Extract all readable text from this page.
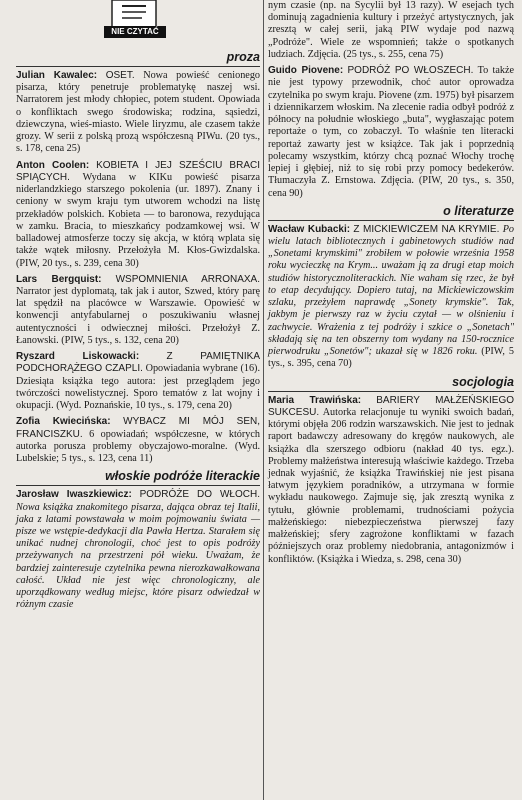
NIE CZYTAĆ
proza

Julian Kawalec: OSET. Nowa powieść cenionego pisarza, który penetruje problematykę naszej wsi. Narratorem jest młody chłopiec, potem student. Opowiada o konfliktach swego środowiska; rodzina, sąsiedzi, dziewczyna, wieś-miasto. Wiele liryzmu, ale czasem także grozy. W serii z polską prozą współczesną PIWu. (20 tys., s. 178, cena 25)

Anton Coolen: KOBIETA I JEJ SZEŚCIU BRACI SPIĄCYCH. Wydana w KIKu powieść pisarza niderlandzkiego starszego pokolenia (ur. 1897). Znany i ceniony w swym kraju tym utworem wchodzi na listę przekładów polskich. Kobieta — to baronowa, rezydująca w zamku. Bracia, to mieszkańcy podzamkowej wsi. W balladowej atmosferze toczy się akcja, w którą wplata się także wątek miłosny. Przełożyła M. Kłos-Gwizdalska. (PIW, 20 tys., s. 239, cena 30)

Lars Bergquist: WSPOMNIENIA ARRONAXA. Narrator jest dyplomatą, tak jak i autor, Szwed, który parę lat spędził na placówce w Warszawie. Opowieść w konwencji antyfabularnej o poszukiwaniu własnej autentyczności i odwiecznej miłości. Przełożył Z. Łanowski. (PIW, 5 tys., s. 132, cena 20)

Ryszard Liskowacki:	Z PAMIĘTNIKA PODCHORĄŻEGO CZAPLI. Opowiadania wybrane (16). Dziesiąta książka tego autora: jest przeglądem jego twórczości nowelistycznej. Sporo tematów z lat wojny i okupacji. (Wyd. Poznańskie, 10 tys., s. 179, cena 20)

Zofia Kwiecińska: WYBACZ MI MÓJ SEN, FRANCISZKU. 6 opowiadań; współczesne, w których autorka porusza problemy obyczajowo-moralne. (Wyd. Lubelskie; 5 tys., s. 123, cena 11)

włoskie podróże literackie

Jarosław Iwaszkiewicz: PODRÓŻE DO WŁOCH. Nowa książka znakomitego pisarza, dająca obraz tej Italii, jaka z latami powstawała w moim pojmowaniu świata — pisze we wstępie-dedykacji dla Pawła Hertza. Starałem się unikać nudnej chronologii, choć jest to opis podróży przeżywanych na przestrzeni pół wieku. Uważam, że bardziej zainteresuje czytelnika pewna nierozkawałkowana całość. Układ nie jest więc chronologiczny, ale uporządkowany według miejsc, które pisarz odwiedzał w różnym czasie

nym czasie (np. na Sycylii był 13 razy). W esejach tych dominują zagadnienia kultury i przeżyć artystycznych, jak zresztą w całej serii, jaką PIW wydaje pod nazwą „Podróże". Wiele ze wspomnień; także o spotkanych ludziach. Zdjęcia. (25 tys., s. 255, cena 75)

Guido Piovene: PODRÓŻ PO WŁOSZECH. To także nie jest typowy przewodnik, choć autor oprowadza czytelnika po swym kraju. Piovene (zm. 1975) był pisarzem i dziennikarzem włoskim. Na zlecenie radia odbył podróż z północy na południe włoskiego „buta", wygłaszając potem reportaże o tym, co zobaczył. To właśnie ten literacki reportaż zawarty jest w książce. Tak jak i poprzednią polecamy wszystkim, którzy chcą poznać Włochy trochę lepiej i głębiej, niż to się robi przy pomocy bedekerów. Tłumaczyła Z. Ernstowa. Zdjęcia. (PIW, 20 tys., s. 350, cena 90)

o literaturze

Wacław Kubacki: Z MICKIEWICZEM NA KRYMIE. Po wielu latach bibliotecznych i gabinetowych studiów nad „Sonetami krymskimi" zrobiłem w połowie września 1958 roku wycieczkę na Krym... uważam ją za drugi etap moich studiów historycznoliterackich. Nie waham się rzec, że był to etap decydujący. Dopiero tutaj, na Mickiewiczowskim szlaku, przeżyłem naprawdę „Sonety krymskie". Tak, jakbym je pierwszy raz w życiu czytał — w olśnieniu i zachwycie. Wrażenia z tej podróży i szkice o „Sonetach" składają się na ten obszerny tom wydany na 150-rocznice pierwodruku „Sonetów"; ukazał się w 1826 roku. (PIW, 5 tys., s. 395, cena 70)

socjologia

Maria Trawińska: BARIERY MAŁŻEŃSKIEGO SUKCESU. Autorka relacjonuje tu wyniki swoich badań, którymi objęła 206 rodzin warszawskich. Nie jest to jednak raport badawczy adresowany do kręgów naukowych, ale książka dla szerszego odbioru (nakład 40 tys. egz.). Problemy małżeństwa interesują właściwie każdego. Trzeba jednak wyjaśnić, że książka Trawińskiej nie jest pisana łatwym językiem poradników, a utrzymana w formie wykładu naukowego. Zajmuje się, jak zresztą wynika z tytułu, głównie problemami, trudnościami pożycia małżeńskiego: niebezpieczeństwa pierwszej fazy małżeńskiej; sfery zagrożone konfliktami w fazach późniejszych oraz problemy niedobrania, antagonizmów i konfliktów. (Książka i Wiedza, s. 298, cena 30)
